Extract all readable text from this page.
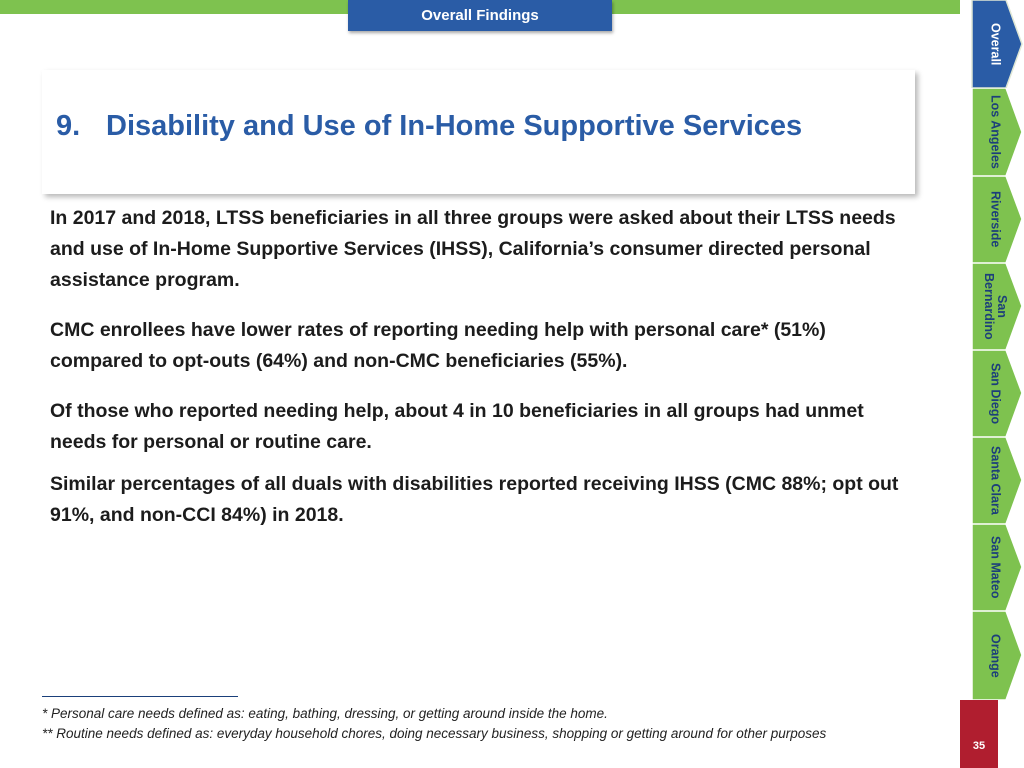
Overall Findings
9. Disability and Use of In-Home Supportive Services

In 2017 and 2018, LTSS beneficiaries in all three groups were asked about their LTSS needs and use of In-Home Supportive Services (IHSS), California’s consumer directed personal assistance program.

CMC enrollees have lower rates of reporting needing help with personal care* (51%) compared to opt-outs (64%) and non-CMC beneficiaries (55%).

Of those who reported needing help, about 4 in 10 beneficiaries in all groups had unmet needs for personal or routine care.

Similar percentages of all duals with disabilities reported receiving IHSS (CMC 88%; opt out 91%, and non-CCI 84%) in 2018.

* Personal care needs defined as: eating, bathing, dressing, or getting around inside the home.
** Routine needs defined as: everyday household chores, doing necessary business, shopping or getting around for other purposes
Overall
Los Angeles
Riverside
San Bernardino
San Diego
Santa Clara
San Mateo
Orange
35
